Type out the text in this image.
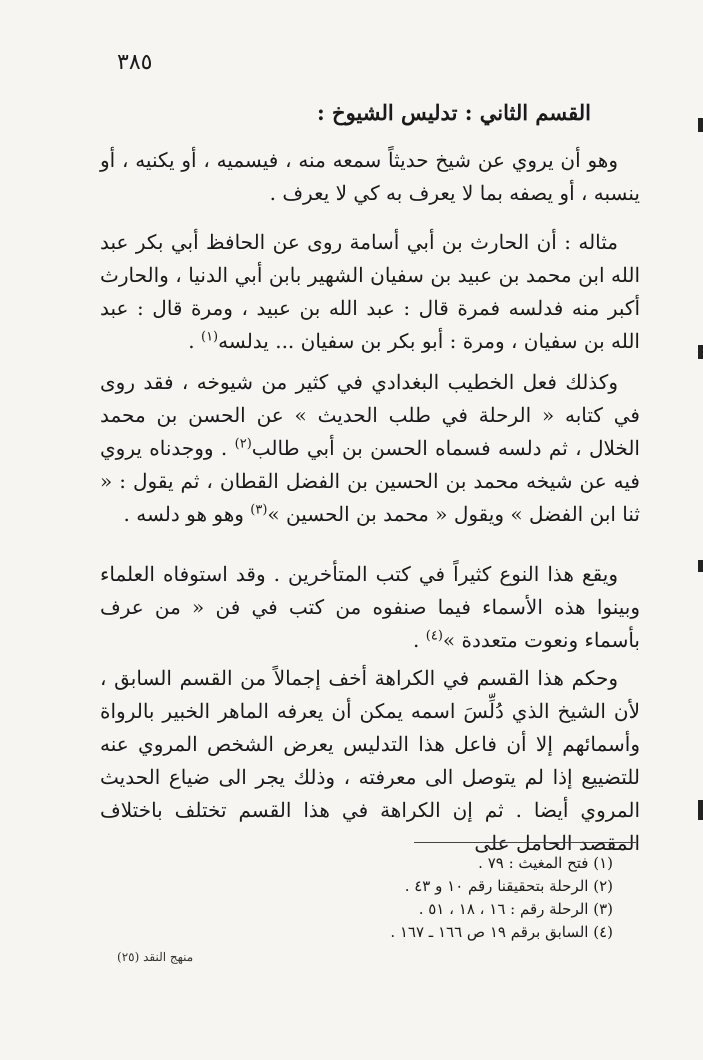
٣٨٥
القسم الثاني : تدليس الشيوخ :

وهو أن يروي عن شيخ حديثاً سمعه منه ، فيسميه ، أو يكنيه ، أو ينسبه ، أو يصفه بما لا يعرف به كي لا يعرف .

مثاله : أن الحارث بن أبي أسامة روى عن الحافظ أبي بكر عبد الله ابن محمد بن عبيد بن سفيان الشهير بابن أبي الدنيا ، والحارث أكبر منه فدلسه فمرة قال : عبد الله بن عبيد ، ومرة قال : عبد الله بن سفيان ، ومرة : أبو بكر بن سفيان ... يدلسه$^{(١)}$ .

وكذلك فعل الخطيب البغدادي في كثير من شيوخه ، فقد روى في كتابه « الرحلة في طلب الحديث » عن الحسن بن محمد الخلال ، ثم دلسه فسماه الحسن بن أبي طالب$^{(٢)}$ . ووجدناه يروي فيه عن شيخه محمد بن الحسين بن الفضل القطان ، ثم يقول : « ثنا ابن الفضل » ويقول « محمد بن الحسين »$^{(٣)}$ وهو هو دلسه .

ويقع هذا النوع كثيراً في كتب المتأخرين . وقد استوفاه العلماء وبينوا هذه الأسماء فيما صنفوه من كتب في فن « من عرف بأسماء ونعوت متعددة »$^{(٤)}$ .

وحكم هذا القسم في الكراهة أخف إجمالاً من القسم السابق ، لأن الشيخ الذي دُلِّسَ اسمه يمكن أن يعرفه الماهر الخبير بالرواة وأسمائهم إلا أن فاعل هذا التدليس يعرض الشخص المروي عنه للتضييع إذا لم يتوصل الى معرفته ، وذلك يجر الى ضياع الحديث المروي أيضا . ثم إن الكراهة في هذا القسم تختلف باختلاف المقصد الحامل على

(١) فتح المغيث : ٧٩ .
(٢) الرحلة بتحقيقنا رقم ١٠ و ٤٣ .
(٣) الرحلة رقم : ١٦ ، ١٨ ، ٥١ .
(٤) السابق برقم ١٩ ص ١٦٦ ـ ١٦٧ .
منهج النقد (٢٥)
